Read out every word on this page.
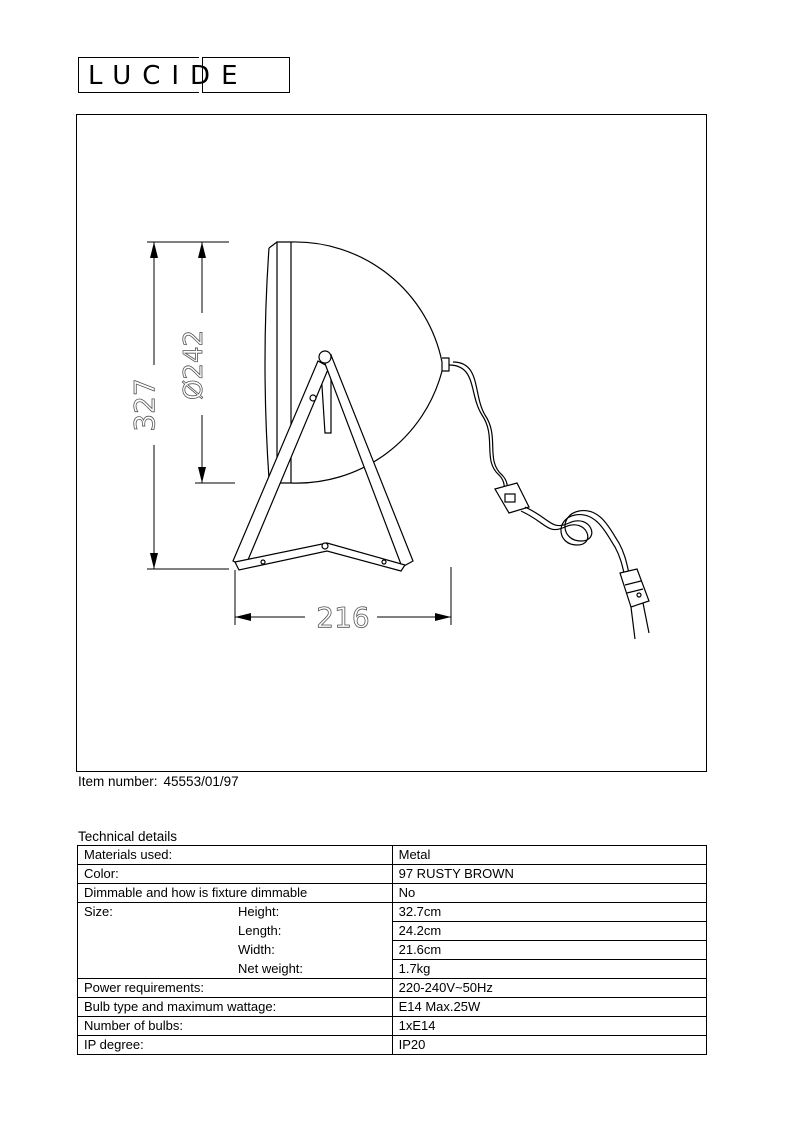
LUCIDE
327
Ø242
216
Item number: 45553/01/97
Technical details
Materials used:	Metal
Color:	97 RUSTY BROWN
Dimmable and how is fixture dimmable	No
Size: Height:	32.7cm
Length:	24.2cm
Width:	21.6cm
Net weight:	1.7kg
Power requirements:	220-240V~50Hz
Bulb type and maximum wattage:	E14 Max.25W
Number of bulbs:	1xE14
IP degree:	IP20
